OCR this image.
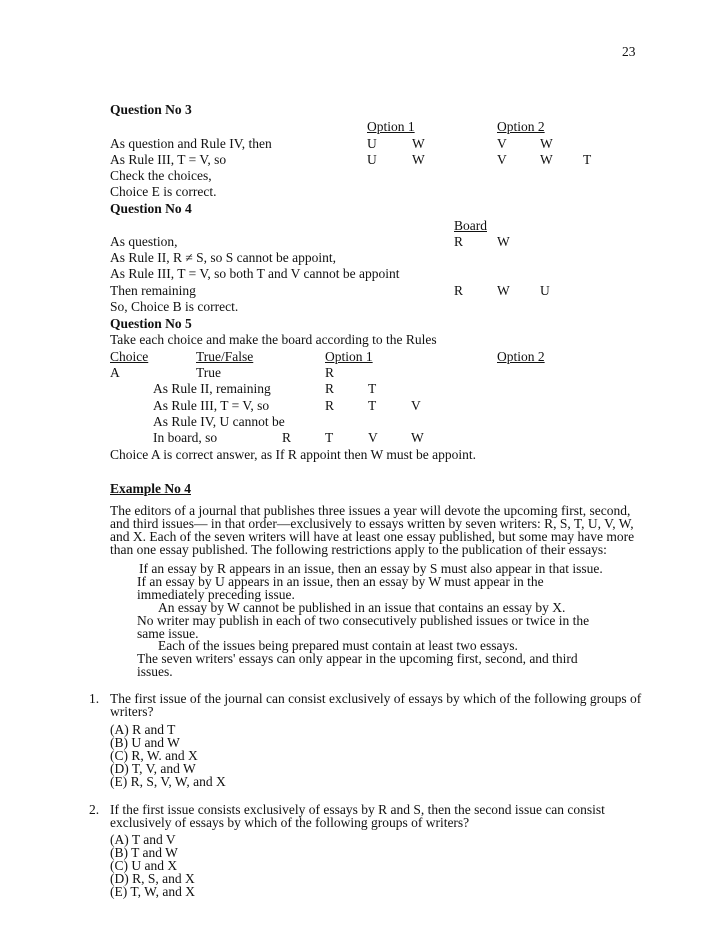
23
Question No 3
Option 1	Option 2
As question and Rule IV, then	U	W	V W
As Rule III, T = V, so	U	W	V W T
Check the choices,
Choice E is correct.
Question No 4
Board
As question,	R	W
As Rule II, R ≠ S, so S cannot be appoint,
As Rule III, T = V, so both T and V cannot be appoint
Then remaining	R	W U
So, Choice B is correct.
Question No 5
Take each choice and make the board according to the Rules
Choice	True/False	Option 1	Option 2
A	True	R
As Rule II, remaining	R	T
As Rule III, T = V, so	R	T	V
As Rule IV, U cannot be
In board, so	R	T	V W
Choice A is correct answer, as If R appoint then W must be appoint.
Example No 4
The editors of a journal that publishes three issues a year will devote the upcoming first, second,
and third issues— in that order—exclusively to essays written by seven writers: R, S, T, U, V, W,
and X. Each of the seven writers will have at least one essay published, but some may have more
than one essay published. The following restrictions apply to the publication of their essays:
If an essay by R appears in an issue, then an essay by S must also appear in that issue.
If an essay by U appears in an issue, then an essay by W must appear in the
immediately preceding issue.
An essay by W cannot be published in an issue that contains an essay by X.
No writer may publish in each of two consecutively published issues or twice in the
same issue.
Each of the issues being prepared must contain at least two essays.
The seven writers' essays can only appear in the upcoming first, second, and third
issues.
1. The first issue of the journal can consist exclusively of essays by which of the following groups of
writers?
(A) R and T
(B) U and W
(C) R, W. and X
(D) T, V, and W
(E) R, S, V, W, and X
2. If the first issue consists exclusively of essays by R and S, then the second issue can consist
exclusively of essays by which of the following groups of writers?
(A) T and V
(B) T and W
(C) U and X
(D) R, S, and X
(E) T, W, and X
